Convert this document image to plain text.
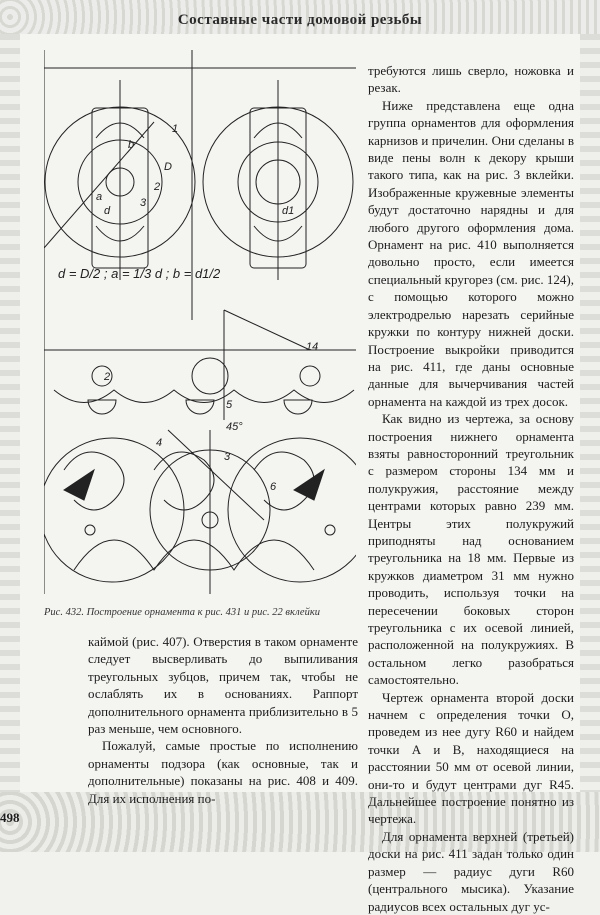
Составные части домовой резьбы
D
d
a
b
1
2
3
d1
14
45°
2
5
3
4
6
d = D/2 ; a = 1/3 d ; b = d1/2
Рис. 432. Построение орнамента к рис. 431 и рис. 22 вклейки

требуются лишь сверло, ножовка и резак.

Ниже представлена еще одна группа орнаментов для оформления карнизов и причелин. Они сделаны в виде пены волн к декору крыши такого типа, как на рис. 3 вклейки. Изображенные кружевные элементы будут достаточно нарядны и для любого другого оформления дома. Орнамент на рис. 410 выполняется довольно просто, если имеется специальный кругорез (см. рис. 124), с помощью которого можно электродрелью нарезать серийные кружки по контуру нижней доски. Построение выкройки приводится на рис. 411, где даны основные данные для вычерчивания частей орнамента на каждой из трех досок.

Как видно из чертежа, за основу построения нижнего орнамента взяты равносторонний треугольник с размером стороны 134 мм и полукружия, расстояние между центрами которых равно 239 мм. Центры этих полукружий приподняты над основанием треугольника на 18 мм. Первые из кружков диаметром 31 мм нужно проводить, используя точки на пересечении боковых сторон треугольника с их осевой линией, расположенной на полукружиях. В остальном легко разобраться самостоятельно.

Чертеж орнамента второй доски начнем с определения точки О, проведем из нее дугу R60 и найдем точки А и В, находящиеся на расстоянии 50 мм от осевой линии, они-то и будут центрами дуг R45. Дальнейшее построение понятно из чертежа.

Для орнамента верхней (третьей) доски на рис. 411 задан только один размер — радиус дуги R60 (центрального мысика). Указание радиусов всех остальных дуг ус-

каймой (рис. 407). Отверстия в таком орнаменте следует высверливать до выпиливания треугольных зубцов, причем так, чтобы не ослаблять их в основаниях. Раппорт дополнительного орнамента приблизительно в 5 раз меньше, чем основного.

Пожалуй, самые простые по исполнению орнаменты подзора (как основные, так и дополнительные) показаны на рис. 408 и 409. Для их исполнения по-

498
